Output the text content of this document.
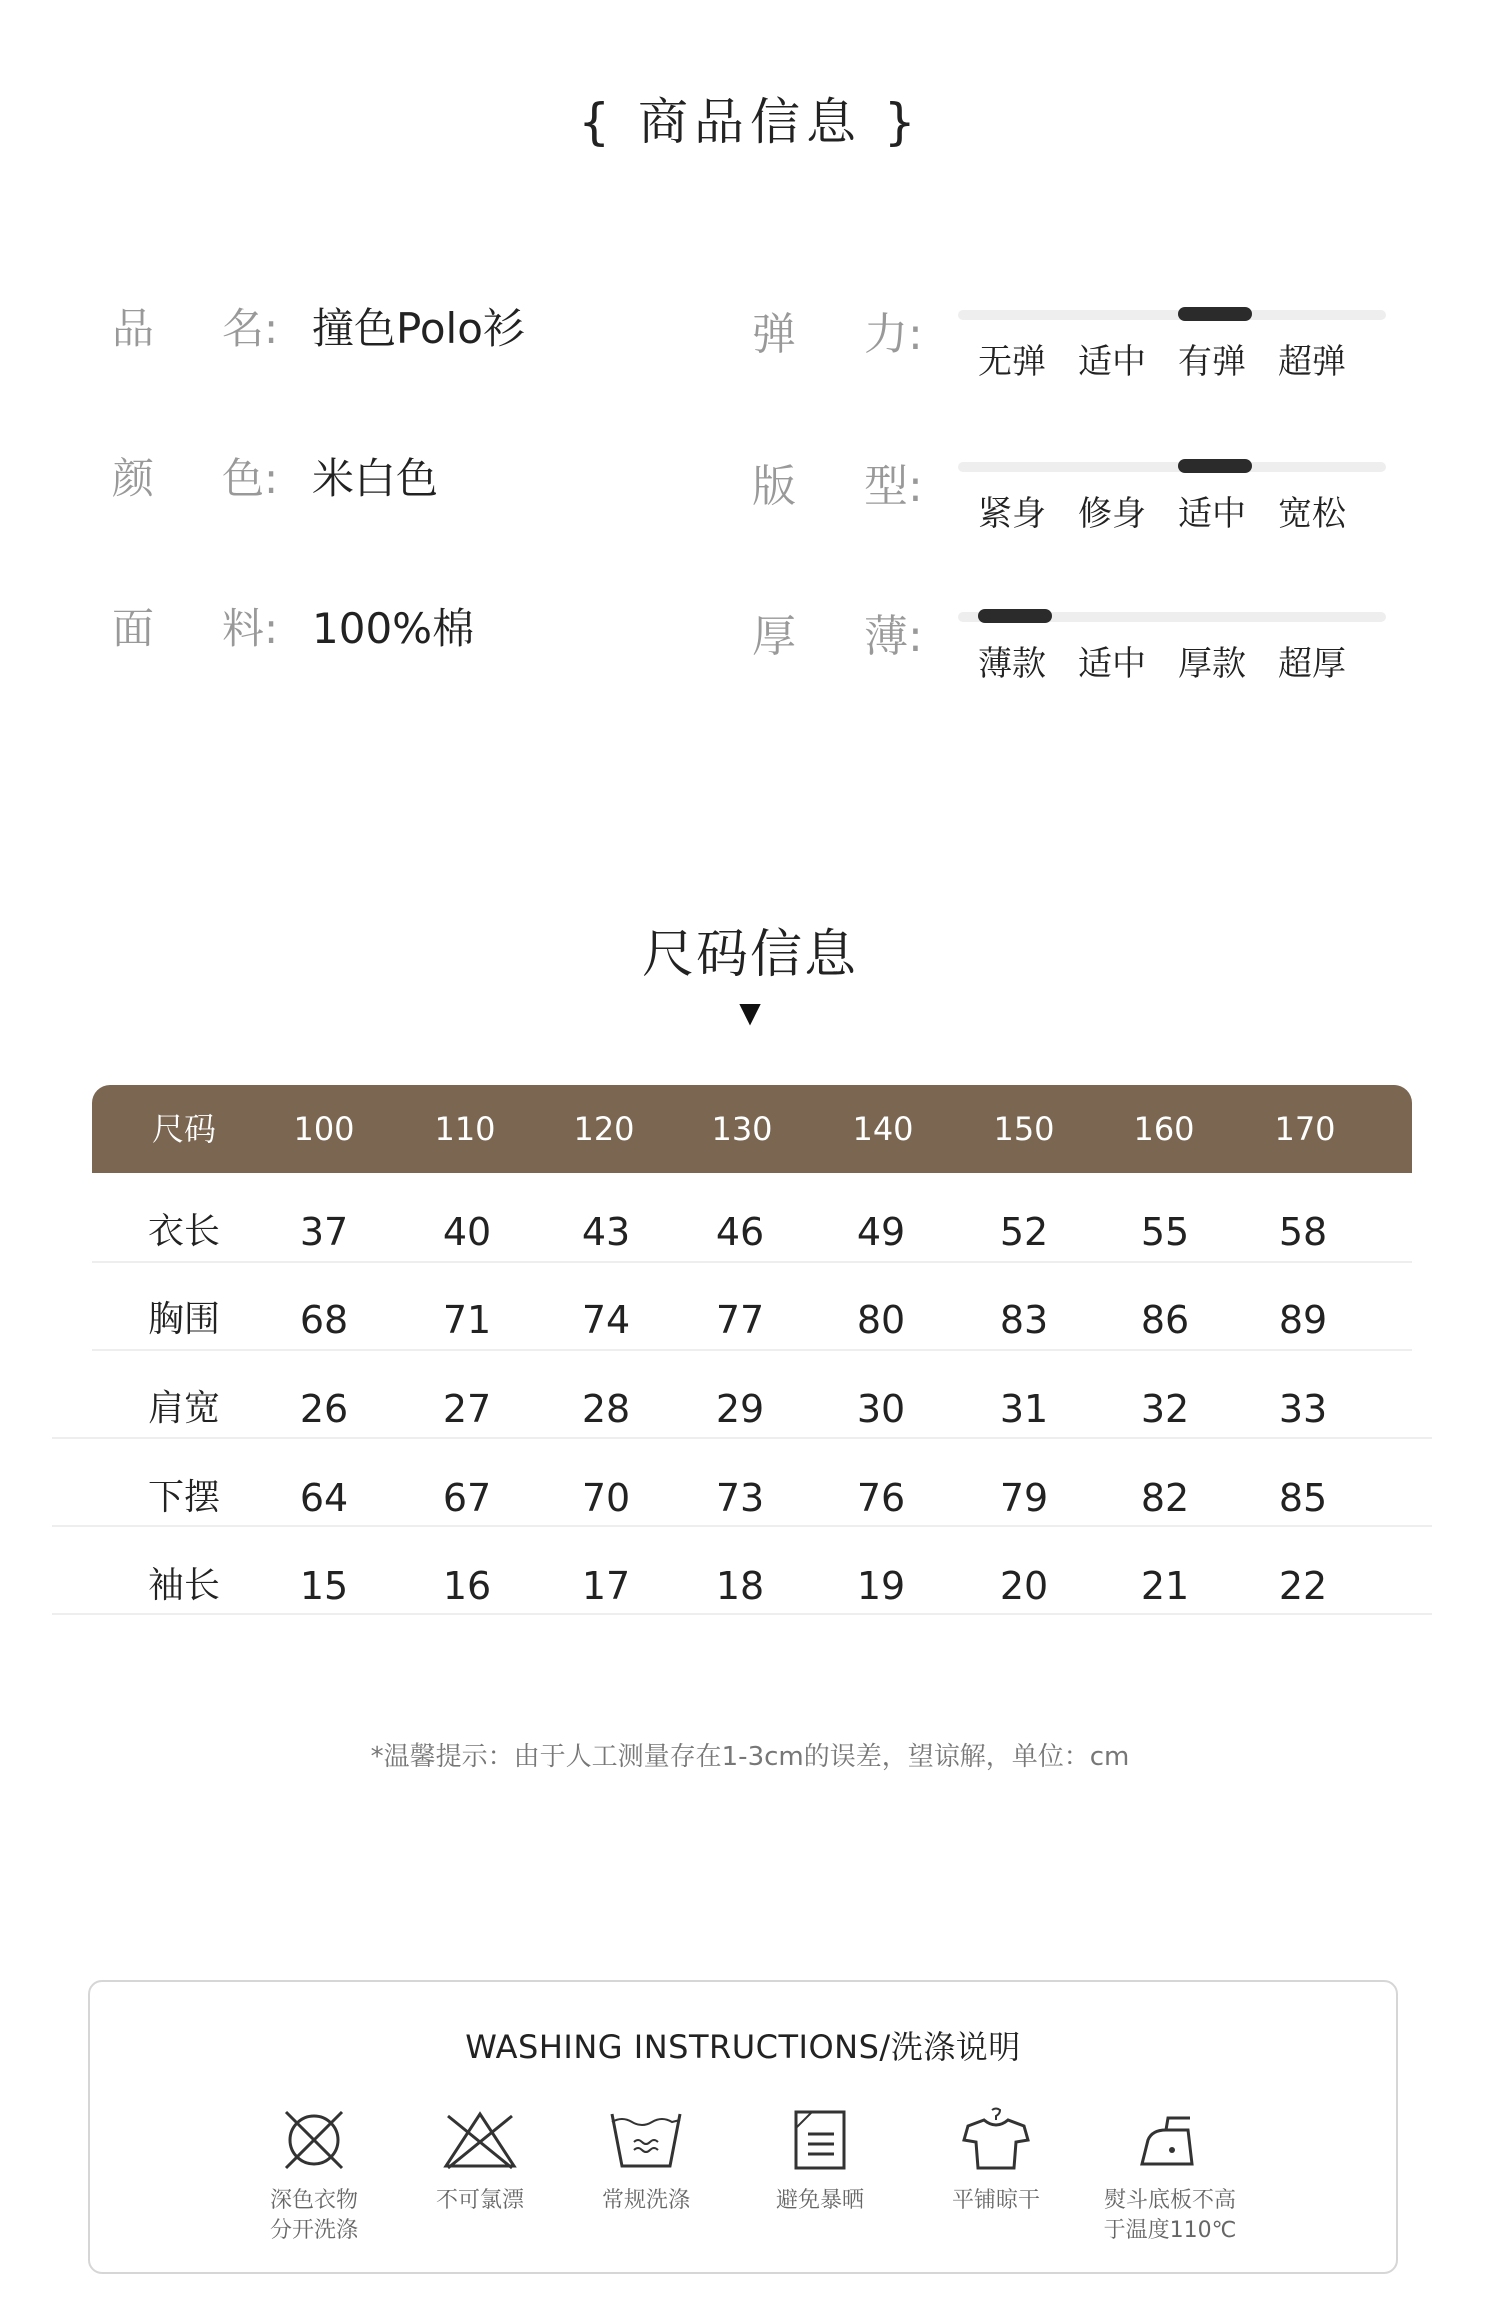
{ 商品信息 }
品 名: 撞色Polo衫
颜 色: 米白色
面 料: 100%棉
弹 力:
无弹 适中 有弹 超弹
版 型:
紧身 修身 适中 宽松
厚 薄:
薄款 适中 厚款 超厚
尺码信息
▼
尺码	100	110	120	130	140	150	160	170
衣长	37	40	43	46	49	52	55	58
胸围	68	71	74	77	80	83	86	89
肩宽	26	27	28	29	30	31	32	33
下摆	64	67	70	73	76	79	82	85
袖长	15	16	17	18	19	20	21	22
*温馨提示：由于人工测量存在1-3cm的误差，望谅解，单位：cm
WASHING INSTRUCTIONS/洗涤说明
深色衣物
分开洗涤
不可氯漂	常规洗涤	避免暴晒	平铺晾干	熨斗底板不高
于温度110℃
